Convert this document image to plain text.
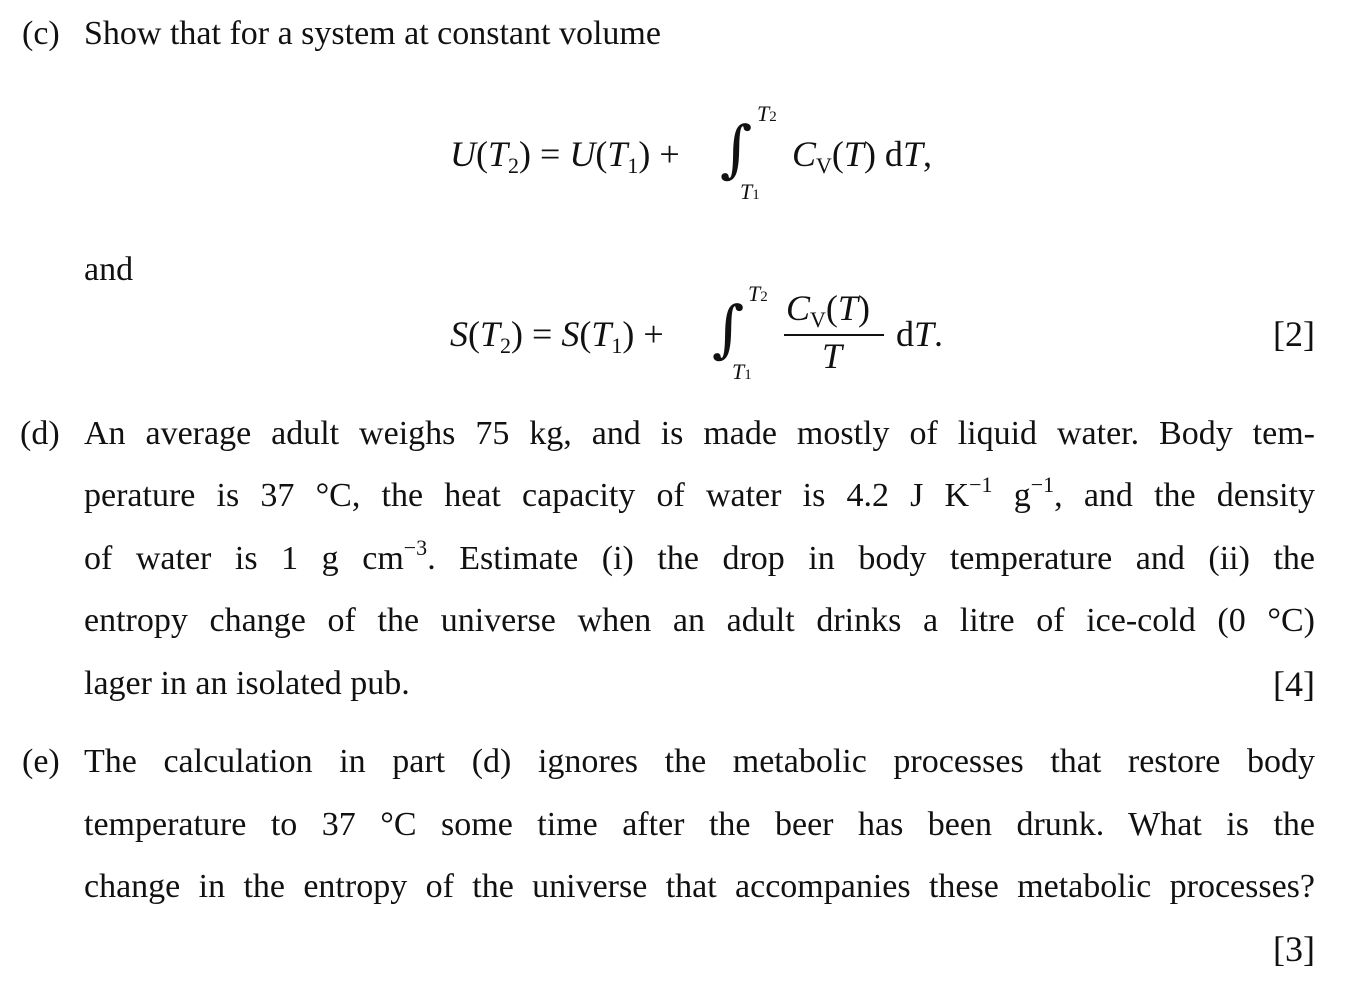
(c) Show that for a system at constant volume
$U(T_2) = U(T_1)$ + ∫ T2
T1
$C_V(T)$ dT,
and
$S(T_2) = S(T_1)$ + ∫ T2
T1
$C_V(T)$
T
dT.	[2]
(d) An average adult weighs 75 kg, and is made mostly of liquid water. Body tem-
perature is 37 °C, the heat capacity of water is 4.2 J $K^{-1}$ $g^{-1}$, and the density
of water is 1 g $cm^{-3}$. Estimate (i) the drop in body temperature and (ii) the
entropy change of the universe when an adult drinks a litre of ice-cold (0 °C)
lager in an isolated pub.	[4]
(e) The calculation in part (d) ignores the metabolic processes that restore body
temperature to 37 °C some time after the beer has been drunk. What is the
change in the entropy of the universe that accompanies these metabolic processes?
[3]
